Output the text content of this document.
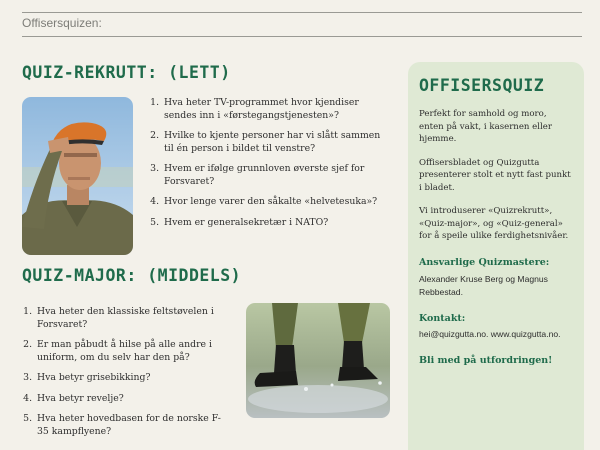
Offisersquizen:
QUIZ-REKRUTT: (LETT)
1. Hva heter TV-programmet hvor kjendiser sendes inn i «førstegangstjenesten»?
2. Hvilke to kjente personer har vi slått sammen til én person i bildet til venstre?
3. Hvem er ifølge grunnloven øverste sjef for Forsvaret?
4. Hvor lenge varer den såkalte «helvetesuka»?
5. Hvem er generalsekretær i NATO?
QUIZ-MAJOR: (MIDDELS)
1. Hva heter den klassiske feltstøvelen i Forsvaret?
2. Er man påbudt å hilse på alle andre i uniform, om du selv har den på?
3. Hva betyr grisebikking?
4. Hva betyr revelje?
5. Hva heter hovedbasen for de norske F-35 kampflyene?
OFFISERSQUIZ
Perfekt for samhold og moro, enten på vakt, i kasernen eller hjemme.
Offisersbladet og Quizgutta presenterer stolt et nytt fast punkt i bladet.
Vi introduserer «Quizrekrutt», «Quiz-major», og «Quiz-general» for å speile ulike ferdighetsnivåer.
Ansvarlige Quizmastere:
Alexander Kruse Berg og Magnus Rebbestad.
Kontakt:
hei@quizgutta.no. www.quizgutta.no.
Bli med på utfordringen!
